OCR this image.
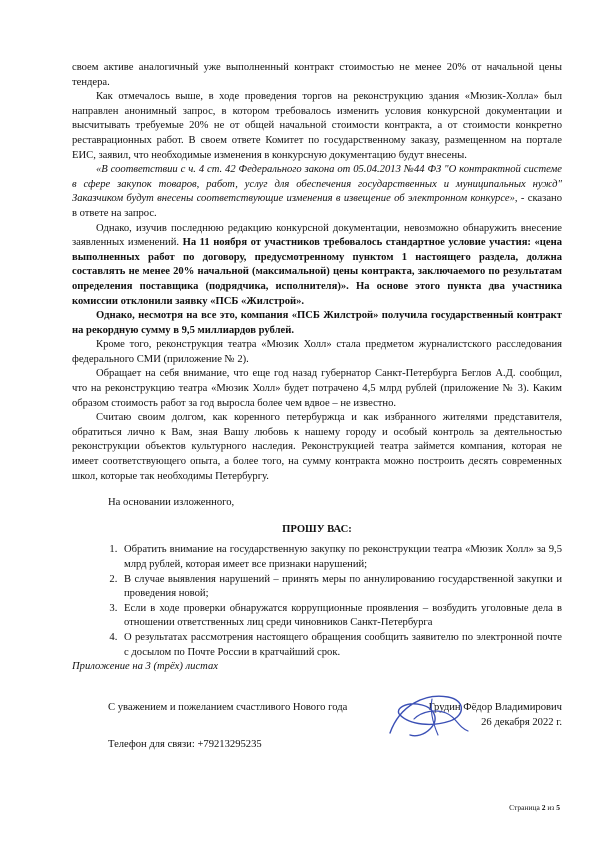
своем активе аналогичный уже выполненный контракт стоимостью не менее 20% от начальной цены тендера.

Как отмечалось выше, в ходе проведения торгов на реконструкцию здания «Мюзик-Холла» был направлен анонимный запрос, в котором требовалось изменить условия конкурсной документации и высчитывать требуемые 20% не от общей начальной стоимости контракта, а от стоимости конкретно реставрационных работ. В своем ответе Комитет по государственному заказу, размещенном на портале ЕИС, заявил, что необходимые изменения в конкурсную документацию будут внесены.

«В соответствии с ч. 4 ст. 42 Федерального закона от 05.04.2013 №44 ФЗ "О контрактной системе в сфере закупок товаров, работ, услуг для обеспечения государственных и муниципальных нужд" Заказчиком будут внесены соответствующие изменения в извещение об электронном конкурсе», - сказано в ответе на запрос.

Однако, изучив последнюю редакцию конкурсной документации, невозможно обнаружить внесение заявленных изменений. На 11 ноября от участников требовалось стандартное условие участия: «цена выполненных работ по договору, предусмотренному пунктом 1 настоящего раздела, должна составлять не менее 20% начальной (максимальной) цены контракта, заключаемого по результатам определения поставщика (подрядчика, исполнителя)». На основе этого пункта два участника комиссии отклонили заявку «ПСБ «Жилстрой».

Однако, несмотря на все это, компания «ПСБ Жилстрой» получила государственный контракт на рекордную сумму в 9,5 миллиардов рублей.

Кроме того, реконструкция театра «Мюзик Холл» стала предметом журналистского расследования федерального СМИ (приложение № 2).

Обращает на себя внимание, что еще год назад губернатор Санкт-Петербурга Беглов А.Д. сообщил, что на реконструкцию театра «Мюзик Холл» будет потрачено 4,5 млрд рублей (приложение № 3). Каким образом стоимость работ за год выросла более чем вдвое – не известно.

Считаю своим долгом, как коренного петербуржца и как избранного жителями представителя, обратиться лично к Вам, зная Вашу любовь к нашему городу и особый контроль за деятельностью реконструкции объектов культурного наследия. Реконструкцией театра займется компания, которая не имеет соответствующего опыта, а более того, на сумму контракта можно построить десять современных школ, которые так необходимы Петербургу.

На основании изложенного,

ПРОШУ ВАС:

1. Обратить внимание на государственную закупку по реконструкции театра «Мюзик Холл» за 9,5 млрд рублей, которая имеет все признаки нарушений;
2. В случае выявления нарушений – принять меры по аннулированию государственной закупки и проведения новой;
3. Если в ходе проверки обнаружатся коррупционные проявления – возбудить уголовные дела в отношении ответственных лиц среди чиновников Санкт-Петербурга
4. О результатах рассмотрения настоящего обращения сообщить заявителю по электронной почте с досылом по Почте России в кратчайший срок.

Приложение на 3 (трёх) листах

С уважением и пожеланием счастливого Нового года	Грудин Фёдор Владимирович

26 декабря 2022 г.

Телефон для связи: +79213295235

Страница 2 из 5
